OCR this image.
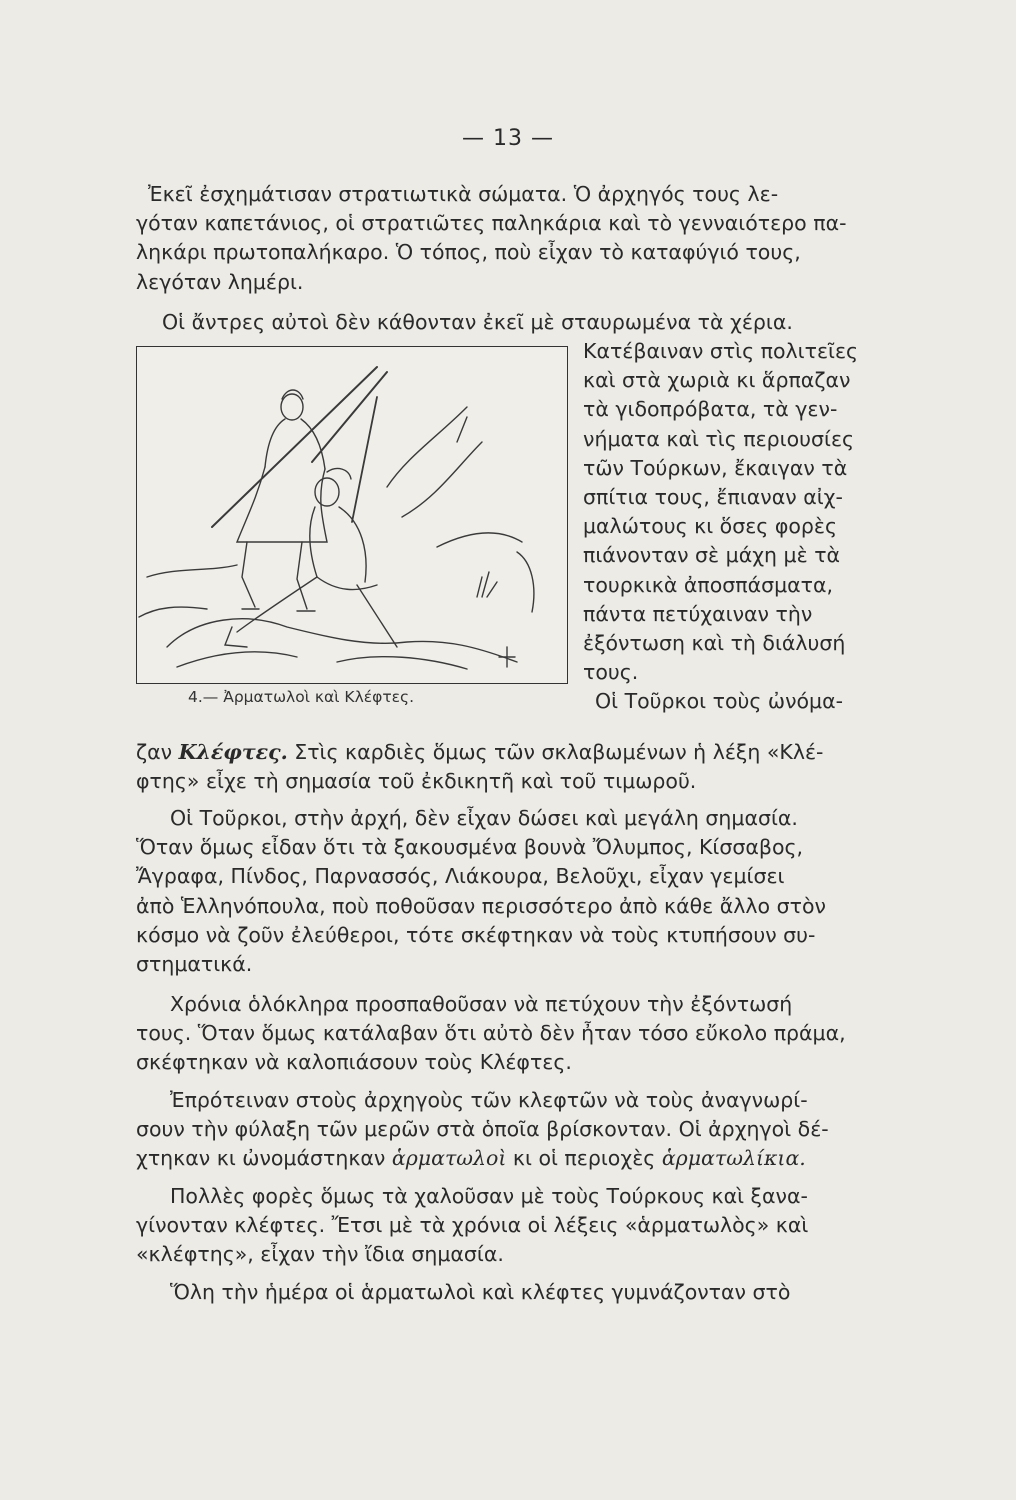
— 13 —
Ἐκεῖ ἐσχημάτισαν στρατιωτικὰ σώματα. Ὁ ἀρχηγός τους λε-
γόταν καπετάνιος, οἱ στρατιῶτες παληκάρια καὶ τὸ γενναιότερο πα-
ληκάρι πρωτοπαλήκαρο. Ὁ τόπος, ποὺ εἶχαν τὸ καταφύγιό τους,
λεγόταν λημέρι.
Οἱ ἄντρες αὐτοὶ δὲν κάθονταν ἐκεῖ μὲ σταυρωμένα τὰ χέρια.
4.— Ἀρματωλοὶ καὶ Κλέφτες.
Κατέβαιναν στὶς πολιτεῖες
καὶ στὰ χωριὰ κι ἅρπαζαν
τὰ γιδοπρόβατα, τὰ γεν-
νήματα καὶ τὶς περιουσίες
τῶν Τούρκων, ἔκαιγαν τὰ
σπίτια τους, ἔπιαναν αἰχ-
μαλώτους κι ὅσες φορὲς
πιάνονταν σὲ μάχη μὲ τὰ
τουρκικὰ ἀποσπάσματα,
πάντα πετύχαιναν τὴν
ἐξόντωση καὶ τὴ διάλυσή
τους.
Οἱ Τοῦρκοι τοὺς ὠνόμα-
ζαν Κλέφτες. Στὶς καρδιὲς ὅμως τῶν σκλαβωμένων ἡ λέξη «Κλέ-
φτης» εἶχε τὴ σημασία τοῦ ἐκδικητῆ καὶ τοῦ τιμωροῦ.
Οἱ Τοῦρκοι, στὴν ἀρχή, δὲν εἶχαν δώσει καὶ μεγάλη σημασία.
Ὅταν ὅμως εἶδαν ὅτι τὰ ξακουσμένα βουνὰ Ὄλυμπος, Κίσσαβος,
Ἄγραφα, Πίνδος, Παρνασσός, Λιάκουρα, Βελοῦχι, εἶχαν γεμίσει
ἀπὸ Ἑλληνόπουλα, ποὺ ποθοῦσαν περισσότερο ἀπὸ κάθε ἄλλο στὸν
κόσμο νὰ ζοῦν ἐλεύθεροι, τότε σκέφτηκαν νὰ τοὺς κτυπήσουν συ-
στηματικά.
Χρόνια ὁλόκληρα προσπαθοῦσαν νὰ πετύχουν τὴν ἐξόντωσή
τους. Ὅταν ὅμως κατάλαβαν ὅτι αὐτὸ δὲν ἦταν τόσο εὔκολο πράμα,
σκέφτηκαν νὰ καλοπιάσουν τοὺς Κλέφτες.
Ἐπρότειναν στοὺς ἀρχηγοὺς τῶν κλεφτῶν νὰ τοὺς ἀναγνωρί-
σουν τὴν φύλαξη τῶν μερῶν στὰ ὁποῖα βρίσκονταν. Οἱ ἀρχηγοὶ δέ-
χτηκαν κι ὠνομάστηκαν ἁρματωλοὶ κι οἱ περιοχὲς ἁρματωλίκια.
Πολλὲς φορὲς ὅμως τὰ χαλοῦσαν μὲ τοὺς Τούρκους καὶ ξανα-
γίνονταν κλέφτες. Ἔτσι μὲ τὰ χρόνια οἱ λέξεις «ἁρματωλὸς» καὶ
«κλέφτης», εἶχαν τὴν ἴδια σημασία.
Ὅλη τὴν ἡμέρα οἱ ἁρματωλοὶ καὶ κλέφτες γυμνάζονταν στὸ
